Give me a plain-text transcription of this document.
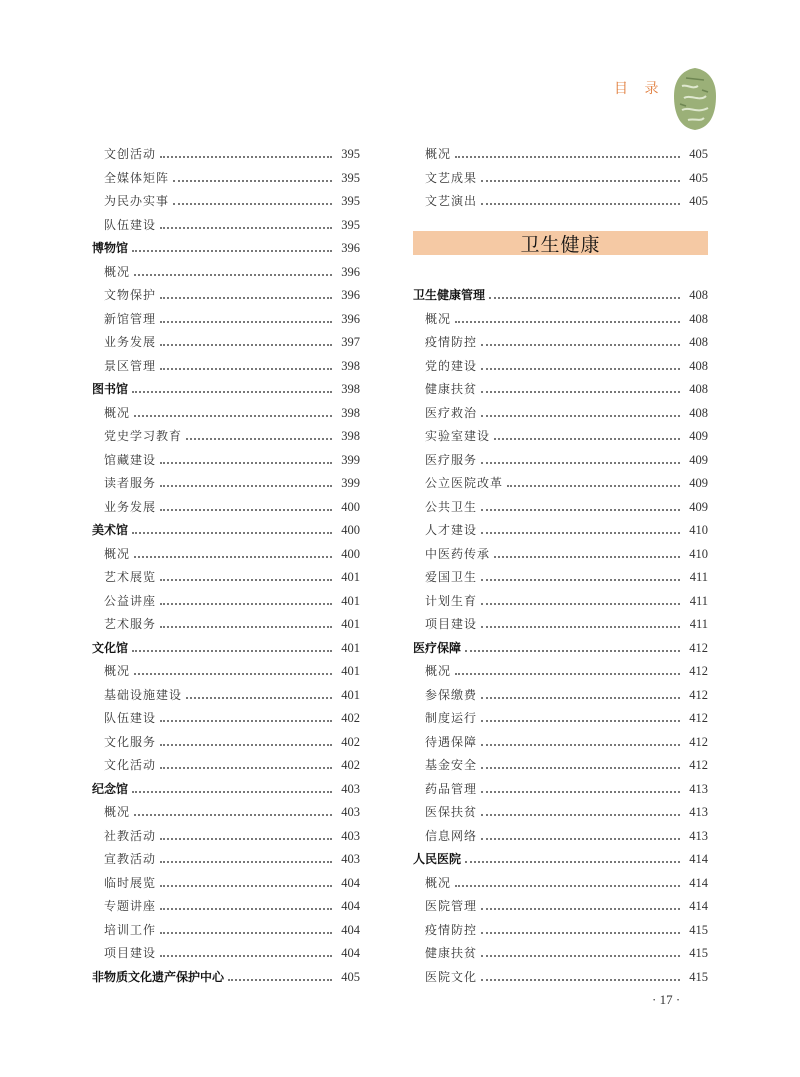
目 录
文创活动	395
全媒体矩阵	395
为民办实事	395
队伍建设	395
博物馆	396
概况	396
文物保护	396
新馆管理	396
业务发展	397
景区管理	398
图书馆	398
概况	398
党史学习教育	398
馆藏建设	399
读者服务	399
业务发展	400
美术馆	400
概况	400
艺术展览	401
公益讲座	401
艺术服务	401
文化馆	401
概况	401
基础设施建设	401
队伍建设	402
文化服务	402
文化活动	402
纪念馆	403
概况	403
社教活动	403
宣教活动	403
临时展览	404
专题讲座	404
培训工作	404
项目建设	404
非物质文化遗产保护中心	405
概况	405
文艺成果	405
文艺演出	405
卫生健康
卫生健康管理	408
概况	408
疫情防控	408
党的建设	408
健康扶贫	408
医疗救治	408
实验室建设	409
医疗服务	409
公立医院改革	409
公共卫生	409
人才建设	410
中医药传承	410
爱国卫生	411
计划生育	411
项目建设	411
医疗保障	412
概况	412
参保缴费	412
制度运行	412
待遇保障	412
基金安全	412
药品管理	413
医保扶贫	413
信息网络	413
人民医院	414
概况	414
医院管理	414
疫情防控	415
健康扶贫	415
医院文化	415
· 17 ·
